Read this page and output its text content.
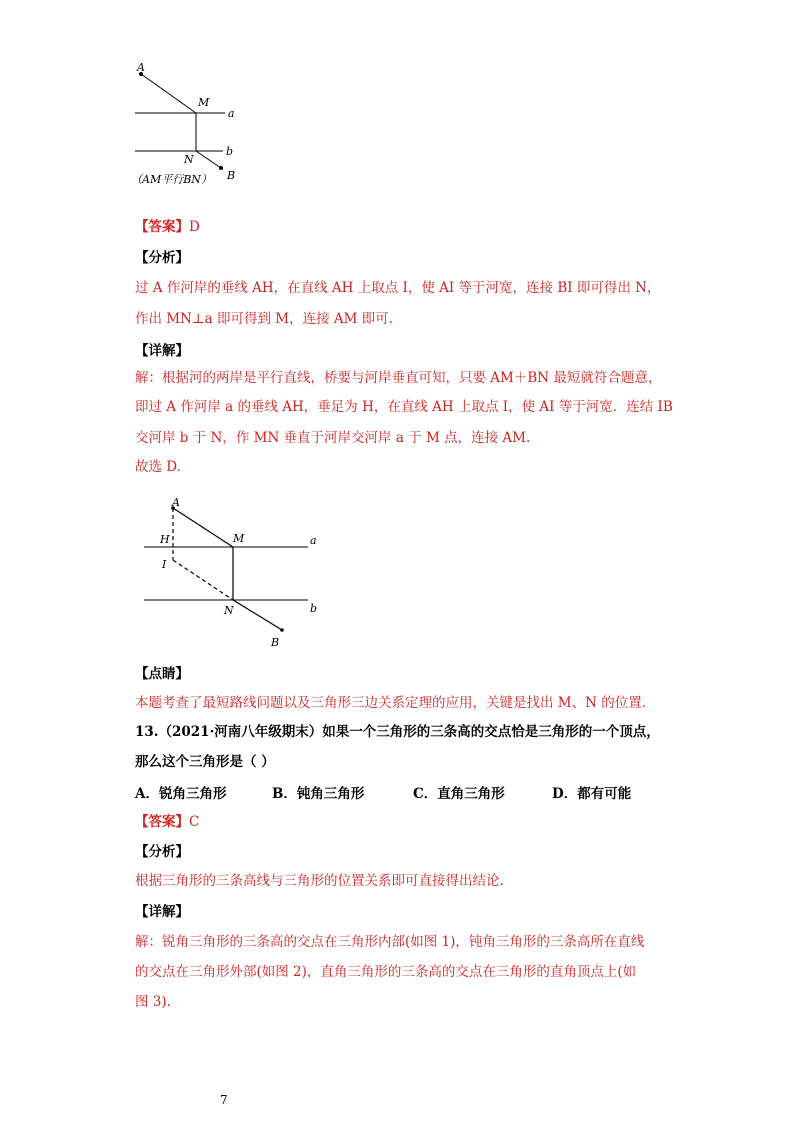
A
M
a
N
b
B
（AM平行BN）
【答案】D
【分析】
过 A 作河岸的垂线 AH，在直线 AH 上取点 I，使 AI 等于河宽，连接 BI 即可得出 N，
作出 MN⊥a 即可得到 M，连接 AM 即可.
【详解】
解：根据河的两岸是平行直线，桥要与河岸垂直可知，只要 AM＋BN 最短就符合题意，
即过 A 作河岸 a 的垂线 AH，垂足为 H，在直线 AH 上取点 I，使 AI 等于河宽．连结 IB
交河岸 b 于 N，作 MN 垂直于河岸交河岸 a 于 M 点，连接 AM.
故选 D.
A
H	M	a
I
N	b
B
【点睛】
本题考查了最短路线问题以及三角形三边关系定理的应用，关键是找出 M、N 的位置.
13.（2021·河南八年级期末）如果一个三角形的三条高的交点恰是三角形的一个顶点，
那么这个三角形是（ ）
A．锐角三角形	B．钝角三角形	C．直角三角形	D．都有可能
【答案】C
【分析】
根据三角形的三条高线与三角形的位置关系即可直接得出结论.
【详解】
解：锐角三角形的三条高的交点在三角形内部(如图 1)，钝角三角形的三条高所在直线
的交点在三角形外部(如图 2)，直角三角形的三条高的交点在三角形的直角顶点上(如
图 3).
7
